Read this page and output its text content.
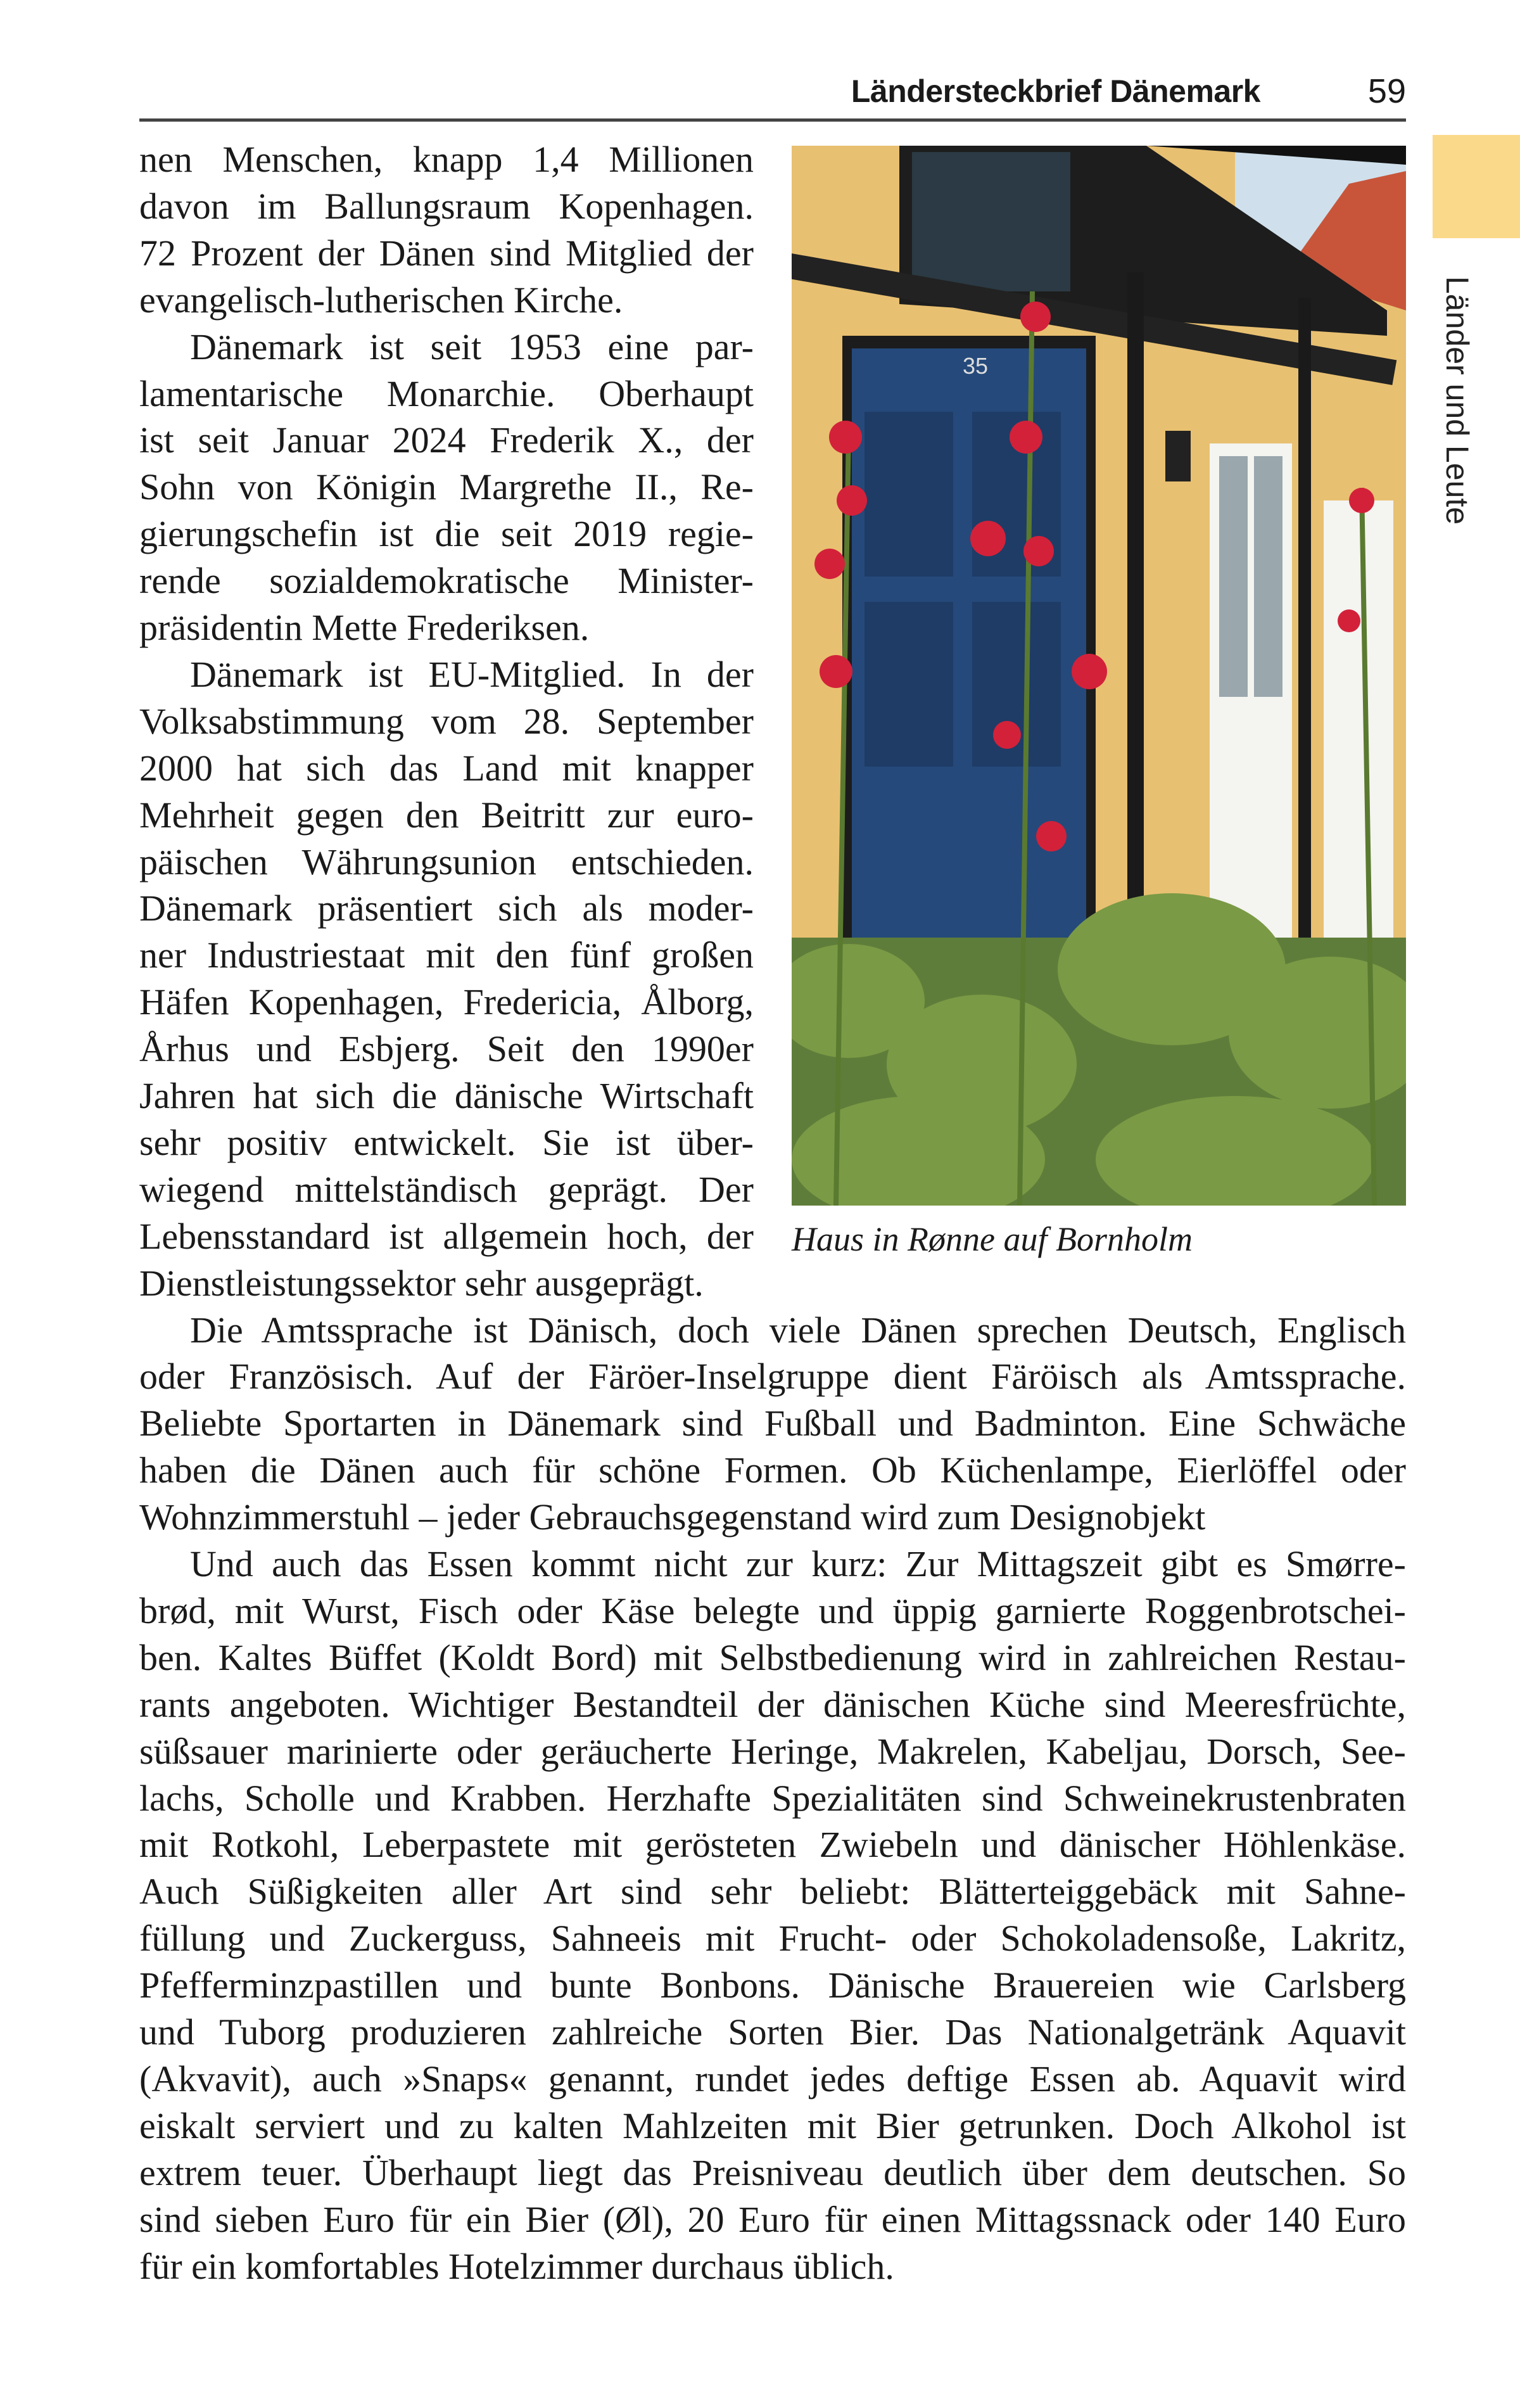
Ländersteckbrief Dänemark	59
Länder und Leute
35
Haus in Rønne auf Bornholm
nen Menschen, knapp 1,4 Millionen
davon im Ballungsraum Kopenhagen.
72 Prozent der Dänen sind Mitglied der
evangelisch-lutherischen Kirche.
Dänemark ist seit 1953 eine par-
lamentarische Monarchie. Oberhaupt
ist seit Januar 2024 Frederik X., der
Sohn von Königin Margrethe II., Re-
gierungschefin ist die seit 2019 regie-
rende sozialdemokratische Minister-
präsidentin Mette Frederiksen.
Dänemark ist EU-Mitglied. In der
Volksabstimmung vom 28. September
2000 hat sich das Land mit knapper
Mehrheit gegen den Beitritt zur euro-
päischen Währungsunion entschieden.
Dänemark präsentiert sich als moder-
ner Industriestaat mit den fünf großen
Häfen Kopenhagen, Fredericia, Ålborg,
Århus und Esbjerg. Seit den 1990er
Jahren hat sich die dänische Wirtschaft
sehr positiv entwickelt. Sie ist über-
wiegend mittelständisch geprägt. Der
Lebensstandard ist allgemein hoch, der
Dienstleistungssektor sehr ausgeprägt.
Die Amtssprache ist Dänisch, doch viele Dänen sprechen Deutsch, Englisch
oder Französisch. Auf der Färöer-Inselgruppe dient Färöisch als Amtssprache.
Beliebte Sportarten in Dänemark sind Fußball und Badminton. Eine Schwäche
haben die Dänen auch für schöne Formen. Ob Küchenlampe, Eierlöffel oder
Wohnzimmerstuhl – jeder Gebrauchsgegenstand wird zum Designobjekt
Und auch das Essen kommt nicht zur kurz: Zur Mittagszeit gibt es Smørre-
brød, mit Wurst, Fisch oder Käse belegte und üppig garnierte Roggenbrotschei-
ben. Kaltes Büffet (Koldt Bord) mit Selbstbedienung wird in zahlreichen Restau-
rants angeboten. Wichtiger Bestandteil der dänischen Küche sind Meeresfrüchte,
süßsauer marinierte oder geräucherte Heringe, Makrelen, Kabeljau, Dorsch, See-
lachs, Scholle und Krabben. Herzhafte Spezialitäten sind Schweinekrustenbraten
mit Rotkohl, Leberpastete mit gerösteten Zwiebeln und dänischer Höhlenkäse.
Auch Süßigkeiten aller Art sind sehr beliebt: Blätterteiggebäck mit Sahne-
füllung und Zuckerguss, Sahneeis mit Frucht- oder Schokoladensoße, Lakritz,
Pfefferminzpastillen und bunte Bonbons. Dänische Brauereien wie Carlsberg
und Tuborg produzieren zahlreiche Sorten Bier. Das Nationalgetränk Aquavit
(Akvavit), auch »Snaps« genannt, rundet jedes deftige Essen ab. Aquavit wird
eiskalt serviert und zu kalten Mahlzeiten mit Bier getrunken. Doch Alkohol ist
extrem teuer. Überhaupt liegt das Preisniveau deutlich über dem deutschen. So
sind sieben Euro für ein Bier (Øl), 20 Euro für einen Mittagssnack oder 140 Euro
für ein komfortables Hotelzimmer durchaus üblich.
